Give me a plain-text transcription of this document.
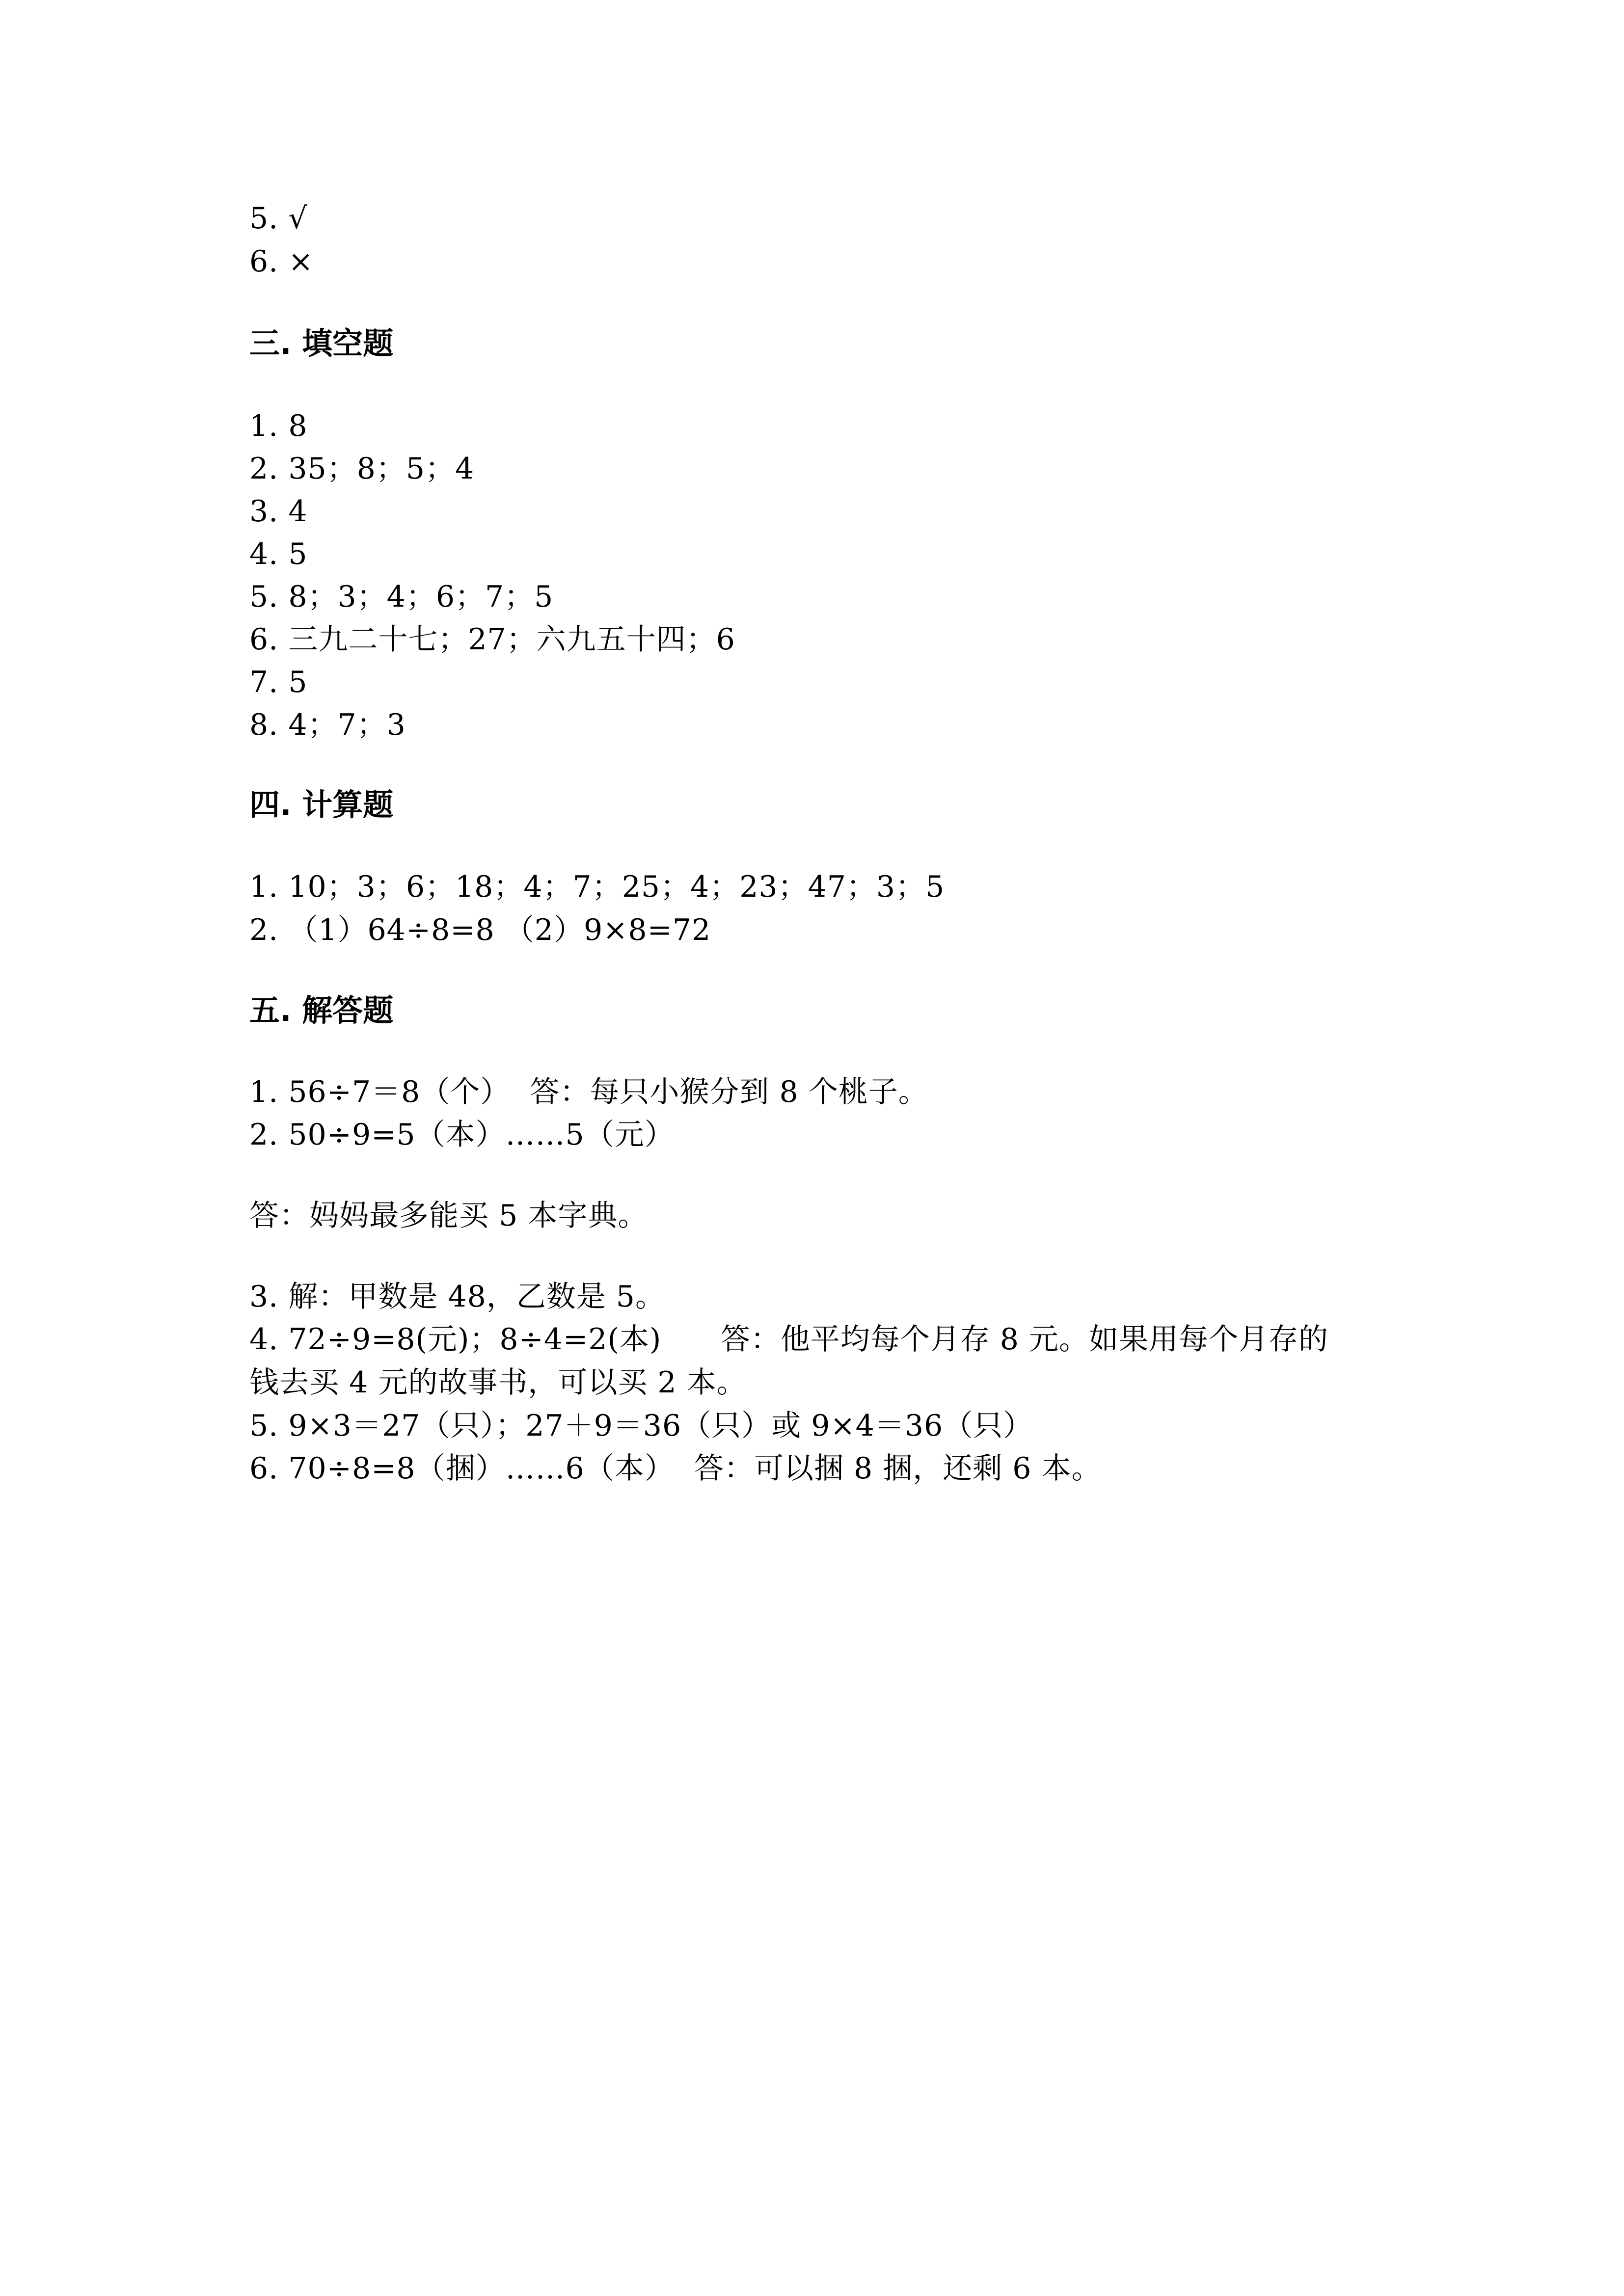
5. √
6. ×
三. 填空题
1. 8
2. 35；8；5；4
3. 4
4. 5
5. 8；3；4；6；7；5
6. 三九二十七；27；六九五十四；6
7. 5
8. 4；7；3
四. 计算题
1. 10；3；6；18；4；7；25；4；23；47；3；5
2. （1）64÷8=8 （2）9×8=72
五. 解答题
1. 56÷7＝8（个）  答：每只小猴分到 8 个桃子。
2. 50÷9=5（本）……5（元）
答：妈妈最多能买 5 本字典。
3. 解：甲数是 48，乙数是 5。
4. 72÷9=8(元)；8÷4=2(本)      答：他平均每个月存 8 元。如果用每个月存的
钱去买 4 元的故事书，可以买 2 本。
5. 9×3＝27（只）；27＋9＝36（只）或 9×4＝36（只）
6. 70÷8=8（捆）……6（本）  答：可以捆 8 捆，还剩 6 本。
